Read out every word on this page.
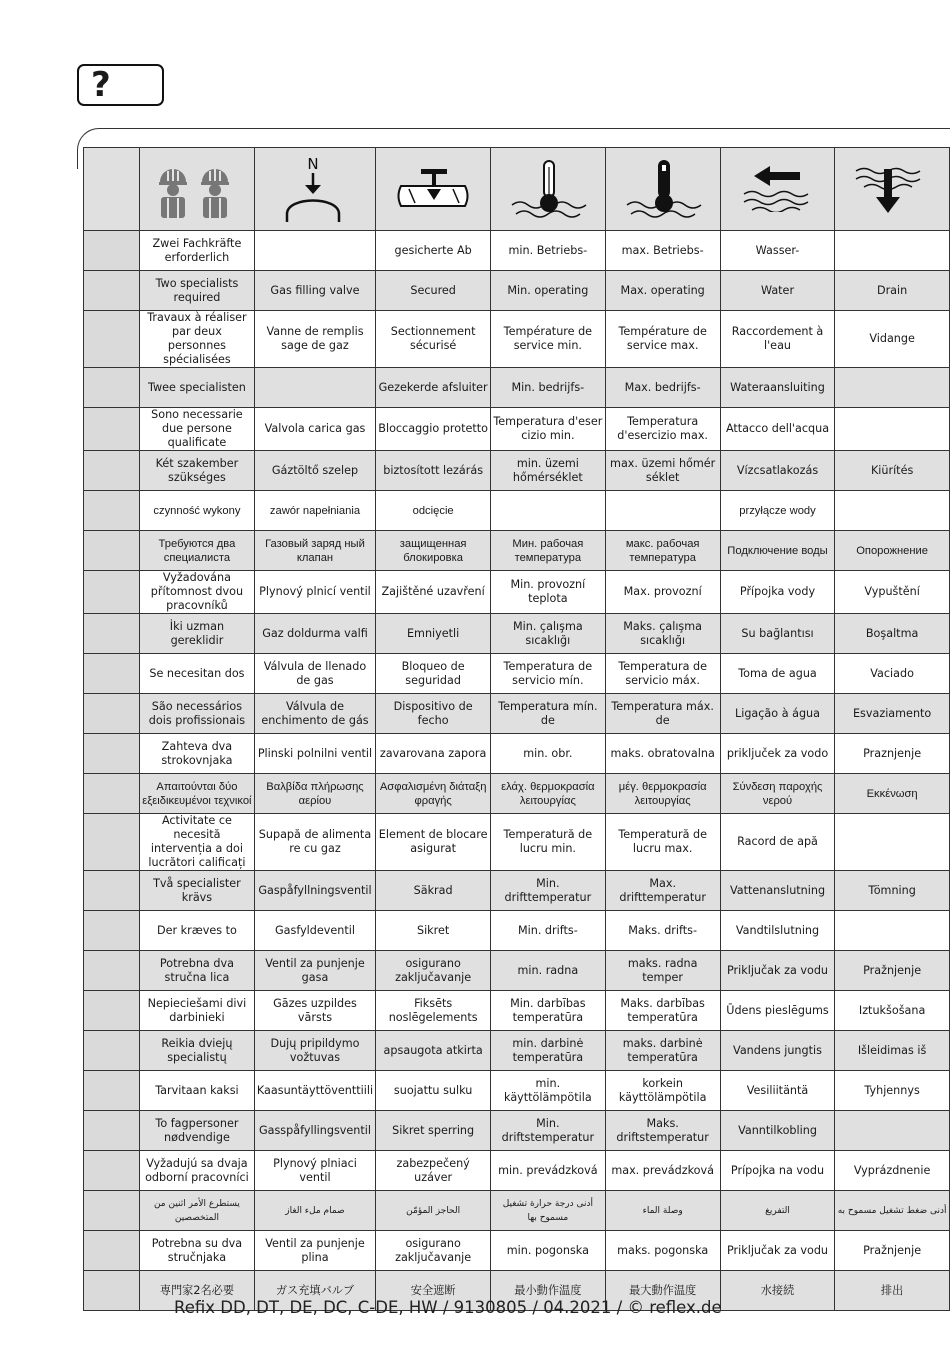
?

N

	Zwei Fachkräfte erforderlich		gesicherte Ab	min. Betriebs-	max. Betriebs-	Wasser-	
	Two specialists required	Gas filling valve	Secured	Min. operating	Max. operating	Water	Drain
	Travaux à réaliser par deux personnes spécialisées	Vanne de remplis sage de gaz	Sectionnement sécurisé	Température de service min.	Température de service max.	Raccordement à l'eau	Vidange
	Twee specialisten		Gezekerde afsluiter	Min. bedrijfs-	Max. bedrijfs-	Wateraansluiting	
	Sono necessarie due persone qualificate	Valvola carica gas	Bloccaggio protetto	Temperatura d'eser cizio min.	Temperatura d'esercizio max.	Attacco dell'acqua	
	Két szakember szükséges	Gáztöltő szelep	biztosított lezárás	min. üzemi hőmérséklet	max. üzemi hőmér séklet	Vízcsatlakozás	Kiürítés
	czynność wykony	zawór napełniania	odcięcie			przyłącze wody	
	Требуются два специалиста	Газовый заряд ный клапан	защищенная блокировка	Мин. рабочая температура	макс. рабочая температура	Подключение воды	Опорожнение
	Vyžadována přítomnost dvou pracovníků	Plynový plnicí ventil	Zajištěné uzavření	Min. provozní teplota	Max. provozní	Přípojka vody	Vypuštění
	İki uzman gereklidir	Gaz doldurma valfi	Emniyetli	Min. çalışma sıcaklığı	Maks. çalışma sıcaklığı	Su bağlantısı	Boşaltma
	Se necesitan dos	Válvula de llenado de gas	Bloqueo de seguridad	Temperatura de servicio mín.	Temperatura de servicio máx.	Toma de agua	Vaciado
	São necessários dois profissionais	Válvula de enchimento de gás	Dispositivo de fecho	Temperatura mín. de	Temperatura máx. de	Ligação à água	Esvaziamento
	Zahteva dva strokovnjaka	Plinski polnilni ventil	zavarovana zapora	min. obr.	maks. obratovalna	priključek za vodo	Praznjenje
	Απαιτούνται δύο εξειδικευμένοι τεχνικοί	Βαλβίδα πλήρωσης αερίου	Ασφαλισμένη διάταξη φραγής	ελάχ. θερμοκρασία λειτουργίας	μέγ. θερμοκρασία λειτουργίας	Σύνδεση παροχής νερού	Εκκένωση
	Activitate ce necesită intervenția a doi lucrători calificați	Supapă de alimenta re cu gaz	Element de blocare asigurat	Temperatură de lucru min.	Temperatură de lucru max.	Racord de apă	
	Två specialister krävs	Gaspåfyllningsventil	Säkrad	Min. drifttemperatur	Max. drifttemperatur	Vattenanslutning	Tömning
	Der kræves to	Gasfyldeventil	Sikret	Min. drifts-	Maks. drifts-	Vandtilslutning	
	Potrebna dva stručna lica	Ventil za punjenje gasa	osigurano zaključavanje	min. radna	maks. radna temper	Priključak za vodu	Pražnjenje
	Nepieciešami divi darbinieki	Gāzes uzpildes vārsts	Fiksēts noslēgelements	Min. darbības temperatūra	Maks. darbības temperatūra	Ūdens pieslēgums	Iztukšošana
	Reikia dviejų specialistų	Dujų pripildymo vožtuvas	apsaugota atkirta	min. darbinė temperatūra	maks. darbinė temperatūra	Vandens jungtis	Išleidimas iš
	Tarvitaan kaksi	Kaasuntäyttöventtiili	suojattu sulku	min. käyttölämpötila	korkein käyttölämpötila	Vesiliitäntä	Tyhjennys
	To fagpersoner nødvendige	Gasspåfyllingsventil	Sikret sperring	Min. driftstemperatur	Maks. driftstemperatur	Vanntilkobling	
	Vyžadujú sa dvaja odborní pracovníci	Plynový plniaci ventil	zabezpečený uzáver	min. prevádzková	max. prevádzková	Prípojka na vodu	Vyprázdnenie
	يستطرع الأمر اثنين من المتخصصين	صمام ملء الغاز	الحاجز المؤمّن	أدنى درجة حرارة تشغيل مسموح بها	وصلة الماء	التفريغ	أدنى ضغط تشغيل مسموح به
	Potrebna su dva stručnjaka	Ventil za punjenje plina	osigurano zaključavanje	min. pogonska	maks. pogonska	Priključak za vodu	Pražnjenje
	専門家2名必要	ガス充填バルブ	安全遮断	最小動作温度	最大動作温度	水接続	排出
Refix DD, DT, DE, DC, C-DE, HW / 9130805 / 04.2021 / © reflex.de
